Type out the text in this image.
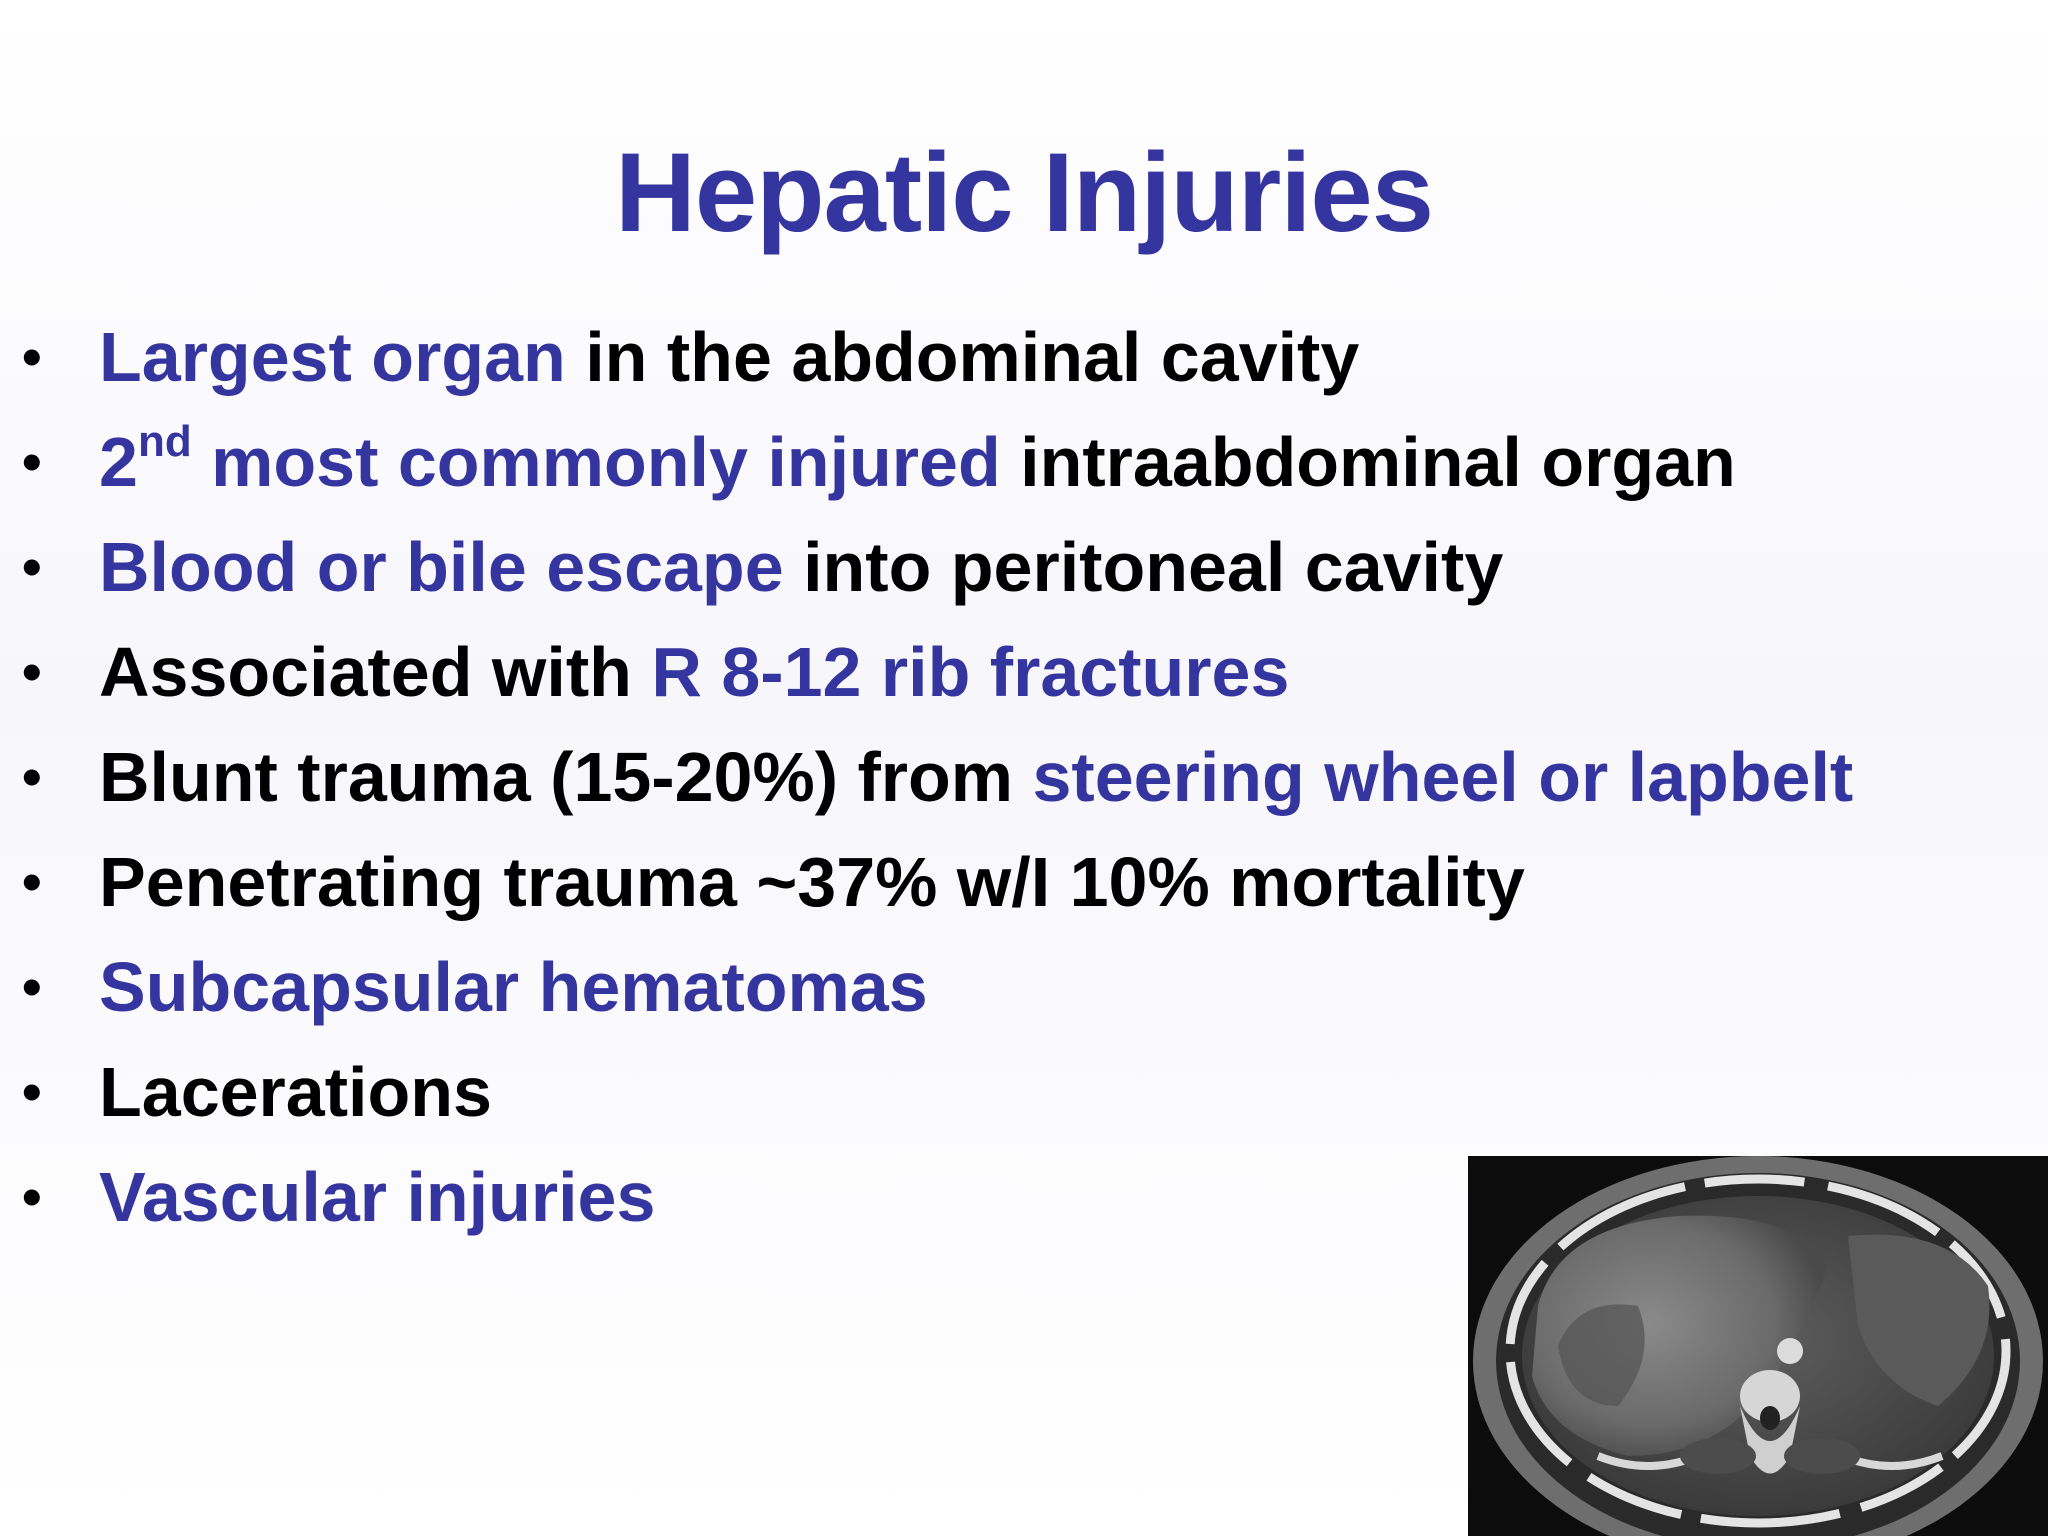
Hepatic Injuries
• Largest organ in the abdominal cavity
• 2nd most commonly injured intraabdominal organ
• Blood or bile escape into peritoneal cavity
• Associated with R 8-12 rib fractures
• Blunt trauma (15-20%) from steering wheel or lapbelt
• Penetrating trauma ~37% w/I 10% mortality
• Subcapsular hematomas
• Lacerations
• Vascular injuries
